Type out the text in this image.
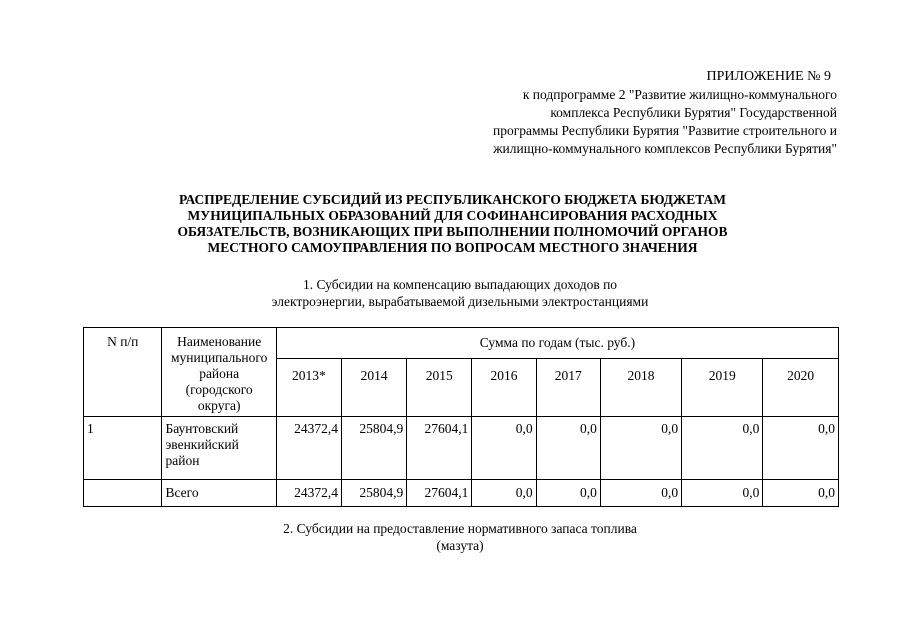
ПРИЛОЖЕНИЕ № 9
к подпрограмме 2 "Развитие жилищно-коммунального
комплекса Республики Бурятия" Государственной
программы Республики Бурятия "Развитие строительного и
жилищно-коммунального комплексов Республики Бурятия"
РАСПРЕДЕЛЕНИЕ СУБСИДИЙ ИЗ РЕСПУБЛИКАНСКОГО БЮДЖЕТА БЮДЖЕТАМ
МУНИЦИПАЛЬНЫХ ОБРАЗОВАНИЙ ДЛЯ СОФИНАНСИРОВАНИЯ РАСХОДНЫХ
ОБЯЗАТЕЛЬСТВ, ВОЗНИКАЮЩИХ ПРИ ВЫПОЛНЕНИИ ПОЛНОМОЧИЙ ОРГАНОВ
МЕСТНОГО САМОУПРАВЛЕНИЯ ПО ВОПРОСАМ МЕСТНОГО ЗНАЧЕНИЯ
1. Субсидии на компенсацию выпадающих доходов по
электроэнергии, вырабатываемой дизельными электростанциями
N п/п	Наименование муниципального района (городского округа)	Сумма по годам (тыс. руб.)							
		2013*	2014	2015	2016	2017	2018	2019	2020
1	Баунтовский эвенкийский район	24372,4	25804,9	27604,1	0,0	0,0	0,0	0,0	0,0
	Всего	24372,4	25804,9	27604,1	0,0	0,0	0,0	0,0	0,0
2. Субсидии на предоставление нормативного запаса топлива
(мазута)
